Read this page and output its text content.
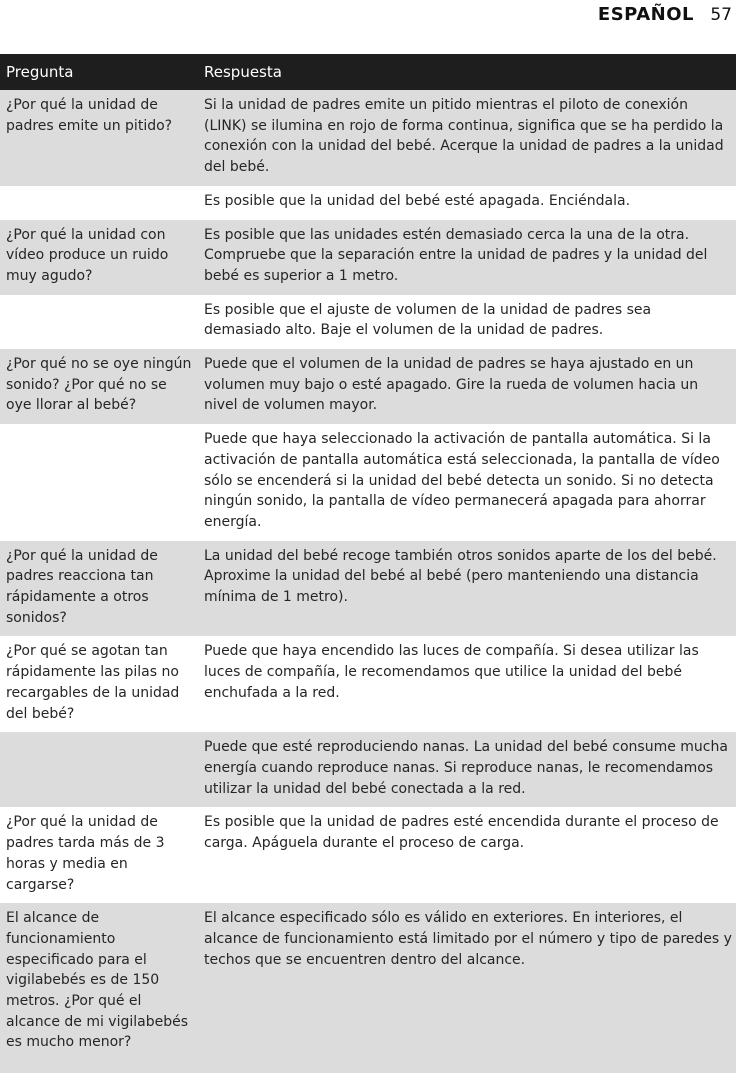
ESPAÑOL 57
Pregunta	Respuesta
¿Por qué la unidad de padres emite un pitido?	Si la unidad de padres emite un pitido mientras el piloto de conexión (LINK) se ilumina en rojo de forma continua, significa que se ha perdido la conexión con la unidad del bebé. Acerque la unidad de padres a la unidad del bebé.
	Es posible que la unidad del bebé esté apagada. Enciéndala.
¿Por qué la unidad con vídeo produce un ruido muy agudo?	Es posible que las unidades estén demasiado cerca la una de la otra. Compruebe que la separación entre la unidad de padres y la unidad del bebé es superior a 1 metro.
	Es posible que el ajuste de volumen de la unidad de padres sea demasiado alto. Baje el volumen de la unidad de padres.
¿Por qué no se oye ningún sonido? ¿Por qué no se oye llorar al bebé?	Puede que el volumen de la unidad de padres se haya ajustado en un volumen muy bajo o esté apagado. Gire la rueda de volumen hacia un nivel de volumen mayor.
	Puede que haya seleccionado la activación de pantalla automática. Si la activación de pantalla automática está seleccionada, la pantalla de vídeo sólo se encenderá si la unidad del bebé detecta un sonido. Si no detecta ningún sonido, la pantalla de vídeo permanecerá apagada para ahorrar energía.
¿Por qué la unidad de padres reacciona tan rápidamente a otros sonidos?	La unidad del bebé recoge también otros sonidos aparte de los del bebé. Aproxime la unidad del bebé al bebé (pero manteniendo una distancia mínima de 1 metro).
¿Por qué se agotan tan rápidamente las pilas no recargables de la unidad del bebé?	Puede que haya encendido las luces de compañía. Si desea utilizar las luces de compañía, le recomendamos que utilice la unidad del bebé enchufada a la red.
	Puede que esté reproduciendo nanas. La unidad del bebé consume mucha energía cuando reproduce nanas. Si reproduce nanas, le recomendamos utilizar la unidad del bebé conectada a la red.
¿Por qué la unidad de padres tarda más de 3 horas y media en cargarse?	Es posible que la unidad de padres esté encendida durante el proceso de carga. Apáguela durante el proceso de carga.
El alcance de funcionamiento especificado para el vigilabebés es de 150 metros. ¿Por qué el alcance de mi vigilabebés es mucho menor?	El alcance especificado sólo es válido en exteriores. En interiores, el alcance de funcionamiento está limitado por el número y tipo de paredes y techos que se encuentren dentro del alcance.
